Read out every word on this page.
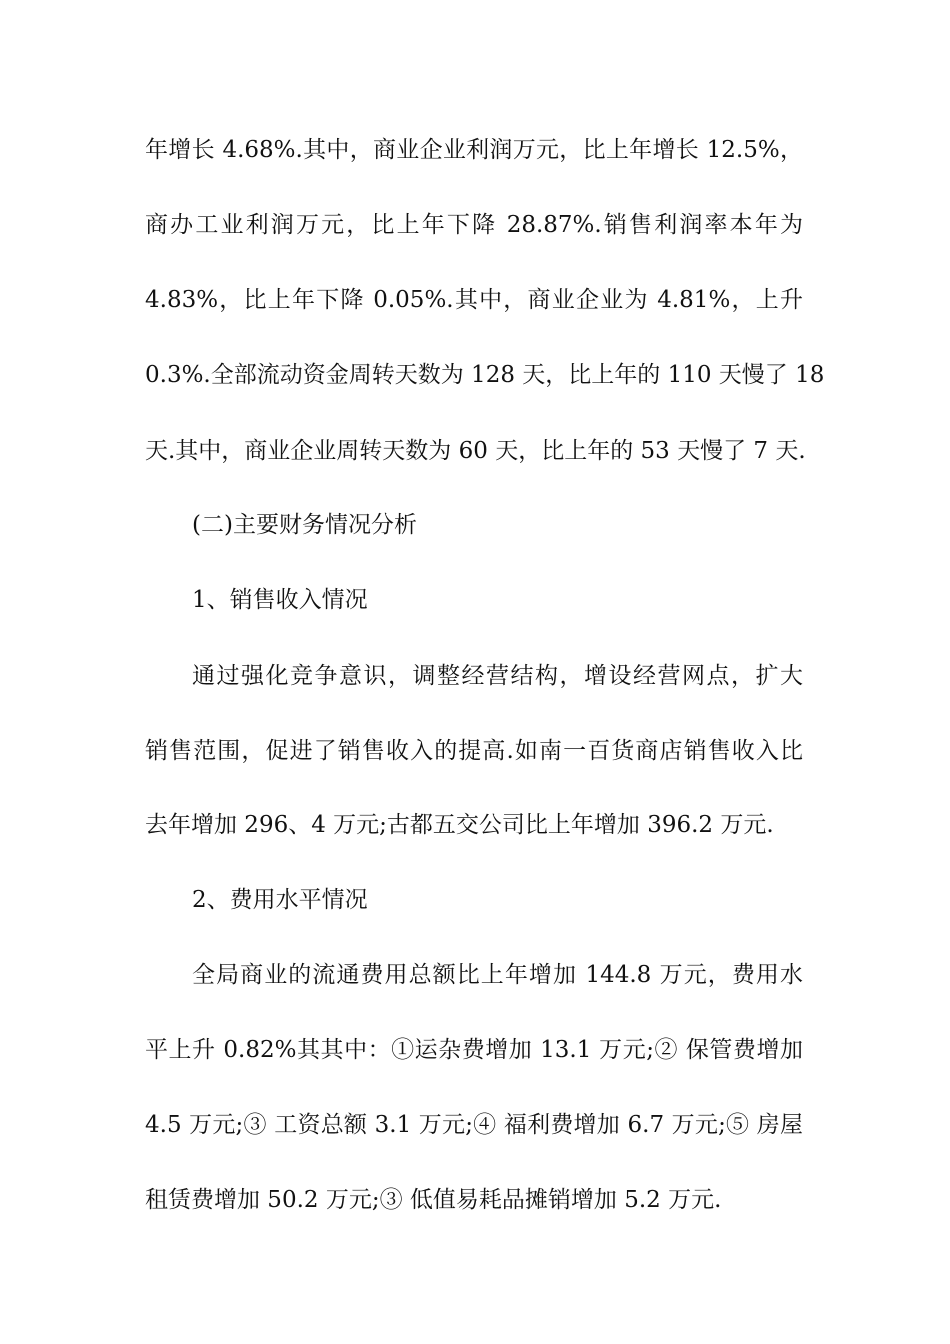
年增长 4.68%.其中，商业企业利润万元，比上年增长 12.5%，

商办工业利润万元，比上年下降 28.87%.销售利润率本年为

4.83%，比上年下降 0.05%.其中，商业企业为 4.81%，上升

0.3%.全部流动资金周转天数为 128 天，比上年的 110 天慢了 18

天.其中，商业企业周转天数为 60 天，比上年的 53 天慢了 7 天.

(二)主要财务情况分析

1、销售收入情况

通过强化竞争意识，调整经营结构，增设经营网点，扩大

销售范围，促进了销售收入的提高.如南一百货商店销售收入比

去年增加 296、4 万元;古都五交公司比上年增加 396.2 万元.

2、费用水平情况

全局商业的流通费用总额比上年增加 144.8 万元，费用水

平上升 0.82%其其中：①运杂费增加 13.1 万元;② 保管费增加

4.5 万元;③ 工资总额 3.1 万元;④ 福利费增加 6.7 万元;⑤ 房屋

租赁费增加 50.2 万元;③ 低值易耗品摊销增加 5.2 万元.
